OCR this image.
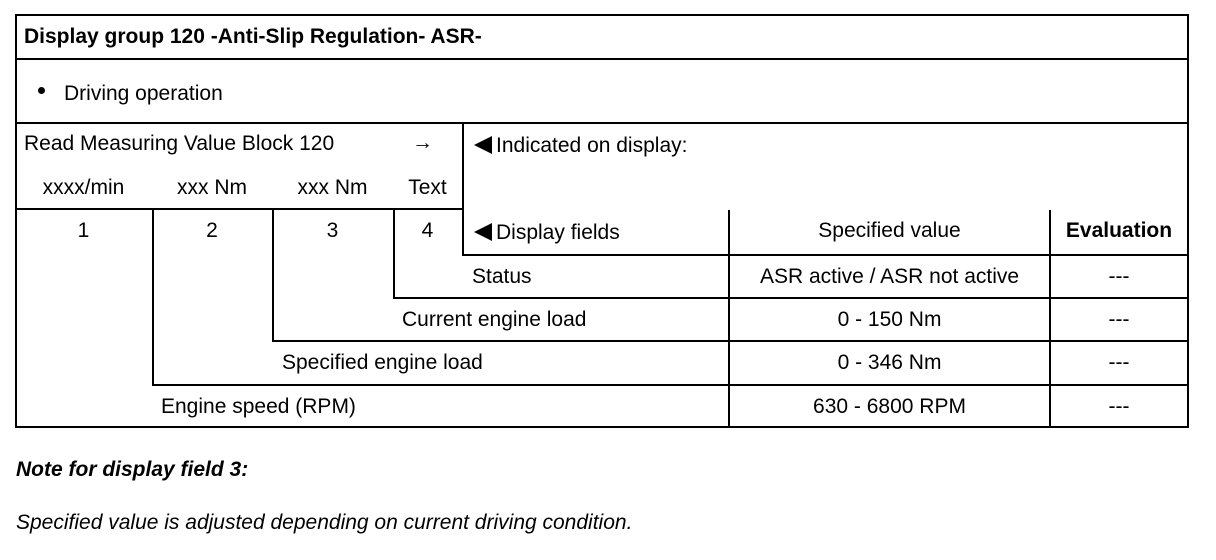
Display group 120 -Anti-Slip Regulation- ASR-
Driving operation
Read Measuring Value Block 120	→	Indicated on display:
xxxx/min	xxx Nm	xxx Nm	Text
1	2	3	4	Display fields	Specified value	Evaluation
Status	ASR active / ASR not active	---
Current engine load	0 - 150 Nm	---
Specified engine load	0 - 346 Nm	---
Engine speed (RPM)	630 - 6800 RPM	---
Note for display field 3:
Specified value is adjusted depending on current driving condition.
